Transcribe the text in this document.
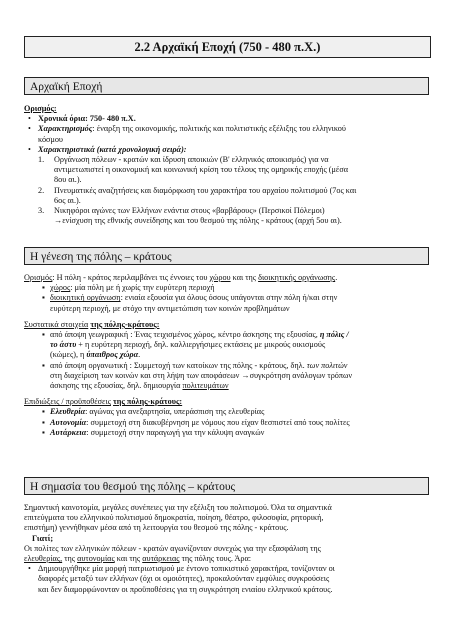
2.2 Αρχαϊκή Εποχή (750 - 480 π.Χ.)
Αρχαϊκή Εποχή

Ορισμός:

• Χρονικά όρια: 750- 480 π.Χ.
• Χαρακτηρισμός: έναρξη της οικονομικής, πολιτικής και πολιτιστικής εξέλιξης του ελληνικού
κόσμου
• Χαρακτηριστικά (κατά χρονολογική σειρά):
1. Οργάνωση πόλεων - κρατών και ίδρυση αποικιών (Β' ελληνικός αποικισμός) για να
αντιμετωπιστεί η οικονομική και κοινωνική κρίση του τέλους της ομηρικής εποχής (μέσα
8ου αι.).
2. Πνευματικές αναζητήσεις και διαμόρφωση του χαρακτήρα του αρχαίου πολιτισμού (7ος και
6ος αι.).
3. Νικηφόροι αγώνες των Ελλήνων ενάντια στους «βαρβάρους» (Περσικοί Πόλεμοι)
→ενίσχυση της εθνικής συνείδησης και του θεσμού της πόλης - κράτους (αρχή 5ου αι).
Η γένεση της πόλης – κράτους

Ορισμός: Η πόλη - κράτος περιλαμβάνει τις έννοιες του χώρου και της διοικητικής οργάνωσης.

▪ χώρος: μία πόλη με ή χωρίς την ευρύτερη περιοχή
▪ διοικητική οργάνωση: ενιαία εξουσία για όλους όσους υπάγονται στην πόλη ή/και στην
ευρύτερη περιοχή, με στόχο την αντιμετώπιση των κοινών προβλημάτων

Συστατικά στοιχεία της πόλης-κράτους:

▪ από άποψη γεωγραφική : Ένας τειχισμένος χώρος, κέντρο άσκησης της εξουσίας, η πόλις /
το άστυ + η ευρύτερη περιοχή, δηλ. καλλιεργήσιμες εκτάσεις με μικρούς οικισμούς
(κώμες), η ύπαιθρος χώρα.
▪ από άποψη οργανωτική : Συμμετοχή των κατοίκων της πόλης - κράτους, δηλ. των πολιτών
στη διαχείριση των κοινών και στη λήψη των αποφάσεων →συγκρότηση ανάλογων τρόπων
άσκησης της εξουσίας, δηλ. δημιουργία πολιτευμάτων

Επιδιώξεις / προϋποθέσεις της πόλης-κράτους:

▪ Ελευθερία: αγώνας για ανεξαρτησία, υπεράσπιση της ελευθερίας
▪ Αυτονομία: συμμετοχή στη διακυβέρνηση με νόμους που είχαν θεσπιστεί από τους πολίτες
▪ Αυτάρκεια: συμμετοχή στην παραγωγή για την κάλυψη αναγκών
Η σημασία του θεσμού της πόλης – κράτους

Σημαντική καινοτομία, μεγάλες συνέπειες για την εξέλιξη του πολιτισμού. Όλα τα σημαντικά
επιτεύγματα του ελληνικού πολιτισμού δημοκρατία, ποίηση, θέατρο, φιλοσοφία, ρητορική,
επιστήμη) γεννήθηκαν μέσα από τη λειτουργία του θεσμού της πόλης - κράτους.

Γιατί;

Οι πολίτες των ελληνικών πόλεων - κρατών αγωνίζονταν συνεχώς για την εξασφάλιση της
ελευθερίας, της αυτονομίας και της αυτάρκειας της πόλης τους. Άρα:

• Δημιουργήθηκε μία μορφή πατριωτισμού με έντονο τοπικιστικό χαρακτήρα, τονίζονταν οι
διαφορές μεταξύ των ελλήνων (όχι οι ομοιότητες), προκαλούνταν εμφύλιες συγκρούσεις
και δεν διαμορφώνονταν οι προϋποθέσεις για τη συγκρότηση ενιαίου ελληνικού κράτους.
